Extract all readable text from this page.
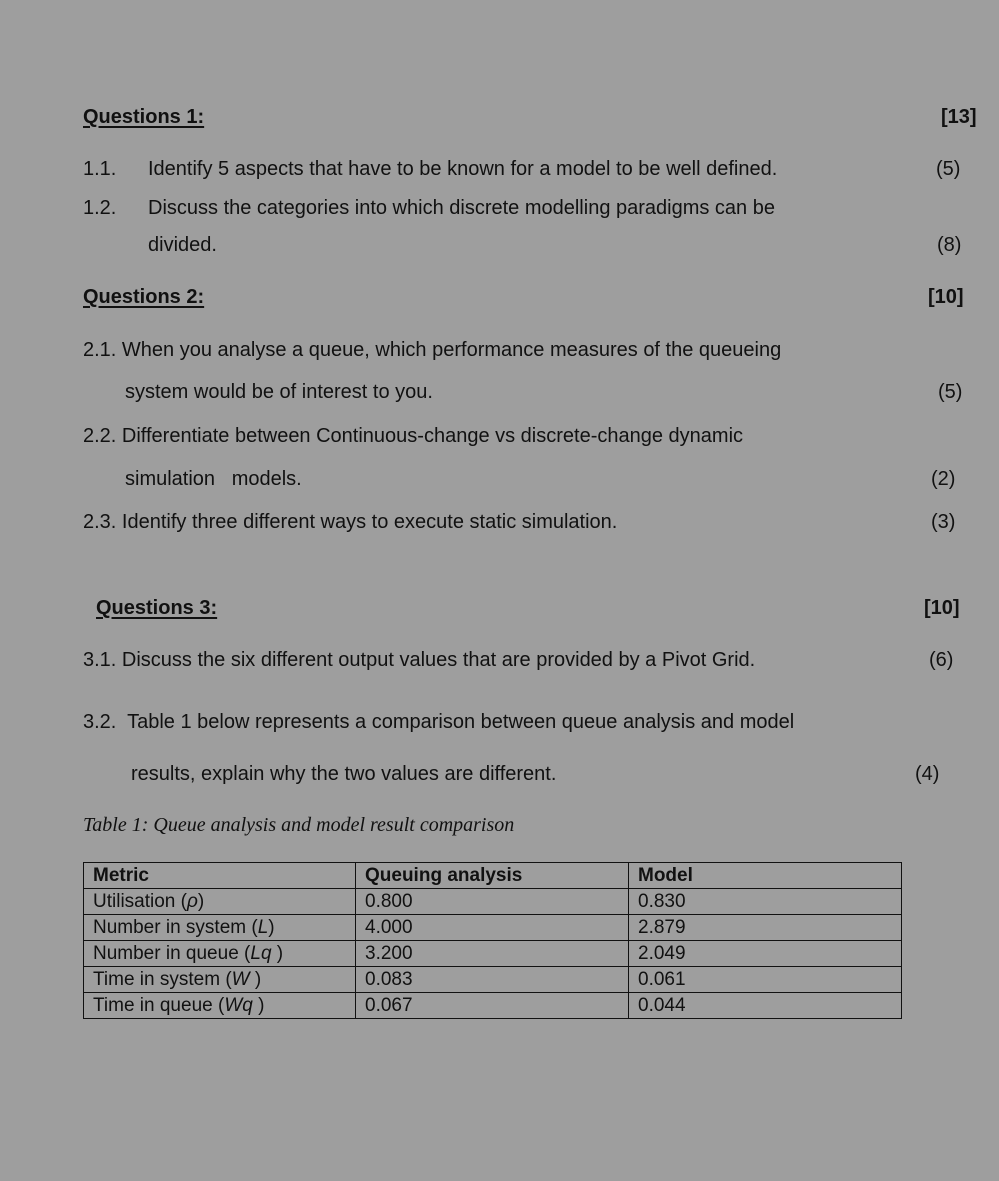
Questions 1:	[13]
1.1. Identify 5 aspects that have to be known for a model to be well defined.	(5)
1.2. Discuss the categories into which discrete modelling paradigms can be
divided.	(8)
Questions 2:	[10]
2.1. When you analyse a queue, which performance measures of the queueing
system would be of interest to you.	(5)
2.2. Differentiate between Continuous-change vs discrete-change dynamic
simulation   models.	(2)
2.3. Identify three different ways to execute static simulation.	(3)
Questions 3:	[10]
3.1. Discuss the six different output values that are provided by a Pivot Grid.	(6)
3.2.  Table 1 below represents a comparison between queue analysis and model
results, explain why the two values are different.	(4)
Table 1: Queue analysis and model result comparison
Metric	Queuing analysis	Model
Utilisation (ρ)	0.800	0.830
Number in system (L)	4.000	2.879
Number in queue (Lq )	3.200	2.049
Time in system (W )	0.083	0.061
Time in queue (Wq )	0.067	0.044
